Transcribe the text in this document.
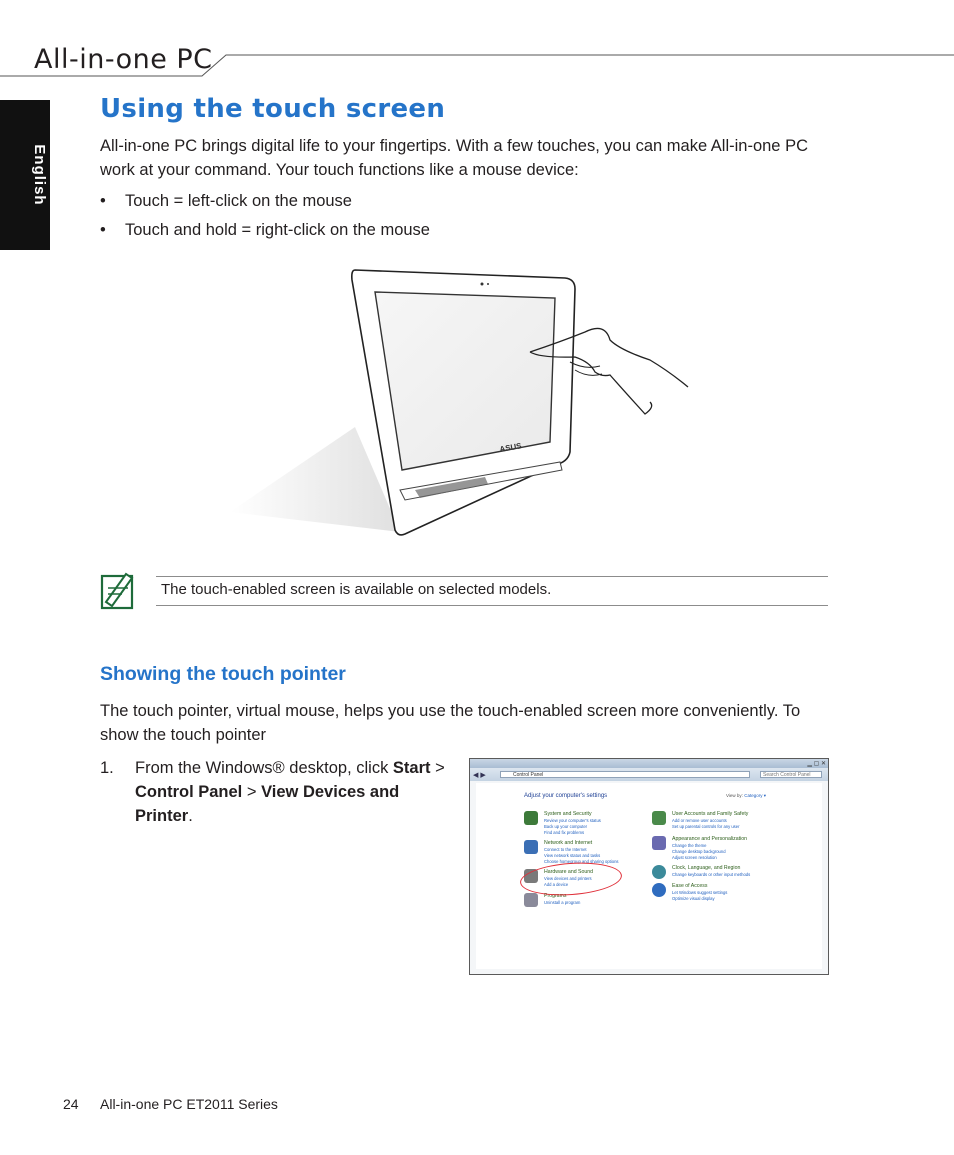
All-in-one PC
English
Using the touch screen
All-in-one PC brings digital life to your fingertips. With a few touches, you can make All-in-one PC work at your command. Your touch functions like a mouse device:
• Touch = left-click on the mouse
• Touch and hold = right-click on the mouse
ASUS
The touch-enabled screen is available on selected models.
Showing the touch pointer
The touch pointer, virtual mouse, helps you use the touch-enabled screen more conveniently. To show the touch pointer
1. From the Windows® desktop, click Start > Control Panel > View Devices and Printer.
▁ ▢ ✕
◀ ▶	Control Panel	Search Control Panel
Adjust your computer's settings	View by: Category ▾
System and Security
Review your computer's status
Back up your computer
Find and fix problems
Network and Internet
Connect to the Internet
View network status and tasks
Choose homegroup and sharing options
Hardware and Sound
View devices and printers
Add a device
Programs
Uninstall a program
User Accounts and Family Safety
Add or remove user accounts
Set up parental controls for any user
Appearance and Personalization
Change the theme
Change desktop background
Adjust screen resolution
Clock, Language, and Region
Change keyboards or other input methods
Ease of Access
Let Windows suggest settings
Optimize visual display
24 All-in-one PC ET2011 Series
